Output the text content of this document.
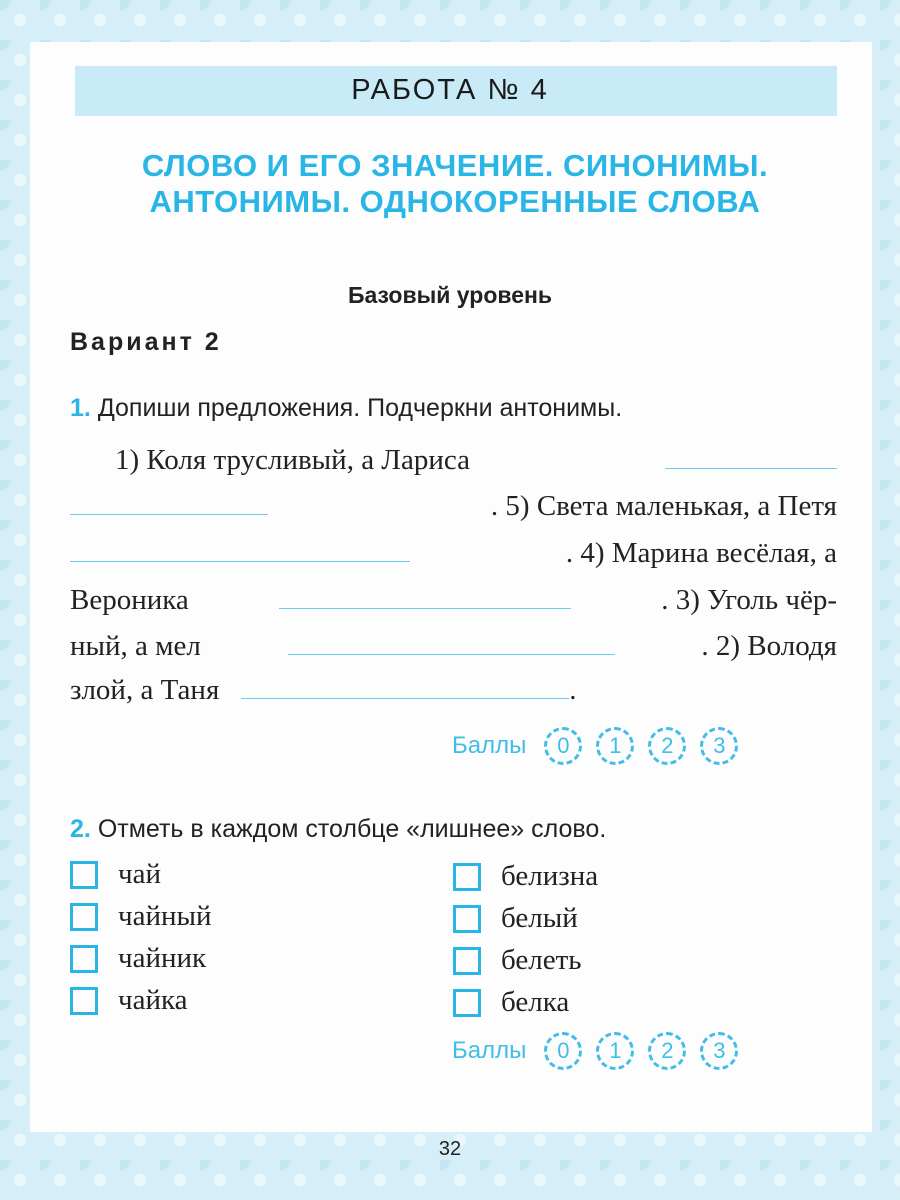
РАБОТА № 4
СЛОВО И ЕГО ЗНАЧЕНИЕ. СИНОНИМЫ. АНТОНИМЫ. ОДНОКОРЕННЫЕ СЛОВА
Базовый уровень
Вариант 2
1. Допиши предложения. Подчеркни антонимы.
1) Коля трусливый, а Лариса
. 5) Света маленькая, а Петя
. 4) Марина весёлая, а
Вероника	. 3) Уголь чёр-
ный, а мел	. 2) Володя
злой, а Таня	.
Баллы	0	1	2	3
2. Отметь в каждом столбце «лишнее» слово.
чай
чайный
чайник
чайка
белизна
белый
белеть
белка
Баллы	0	1	2	3
32
